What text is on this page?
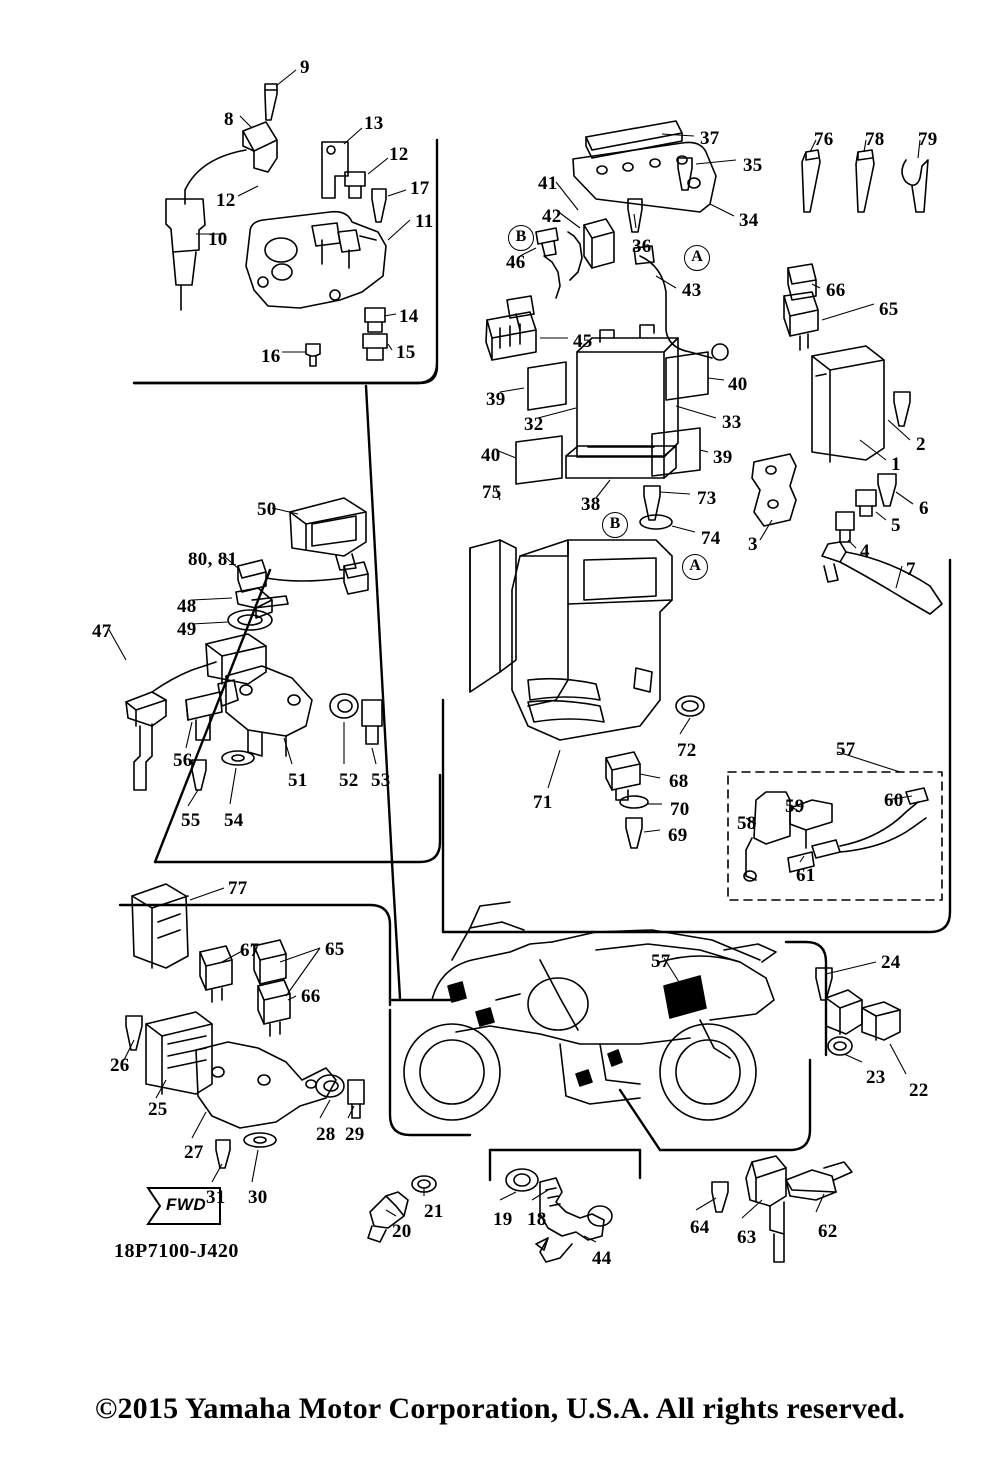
FWD
18P7100-J420
9
8	13
12
17
12
11
10
14
15
16
37
35
41
42	34
36
46
43
76 78 79
66
65
45
40
39
32	33
2
1
40	39
38	73	6
5
75
74 3	4
7
50
80, 81
48
49
47
56
51 52 53
55 54
72
71
68
70
69
57
59	60
58
61
77
67	65
66
26
25
27
28 29
31 30
57	24
23
22
21
20
19 18
44
64 63	62
B
A
B
A
©2015 Yamaha Motor Corporation, U.S.A. All rights reserved.
